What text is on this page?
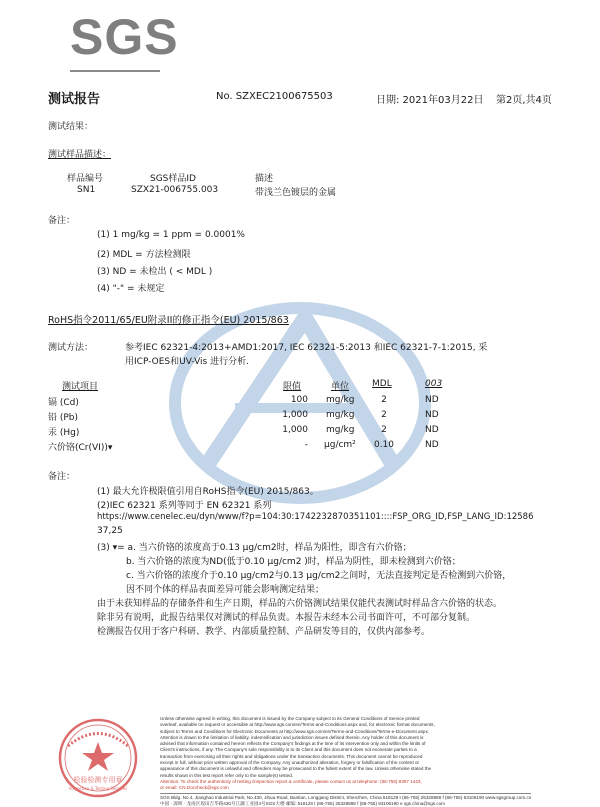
SGS
测试报告	No. SZXEC2100675503	日期: 2021年03月22日 第2页,共4页
测试结果：
测试样品描述：
样品编号	SGS样品ID	描述
SN1	SZX21-006755.003	带浅兰色镀层的金属
备注：
(1) 1 mg/kg = 1 ppm = 0.0001%
(2) MDL = 方法检测限
(3) ND = 未检出 ( < MDL )
(4) "-" = 未规定
RoHS指令2011/65/EU附录II的修正指令(EU) 2015/863
测试方法：	参考IEC 62321-4:2013+AMD1:2017, IEC 62321-5:2013 和IEC 62321-7-1:2015, 采
用ICP-OES和UV-Vis 进行分析.
测试项目	限值	单位	MDL	003
镉 (Cd)	100 mg/kg	2	ND
铅 (Pb)	1,000 mg/kg	2	ND
汞 (Hg)	1,000 mg/kg	2	ND
六价铬(Cr(VI))▾	- μg/cm²	0.10	ND
备注：
(1) 最大允许极限值引用自RoHS指令(EU) 2015/863。
(2)IEC 62321 系列等同于 EN 62321 系列
https://www.cenelec.eu/dyn/www/f?p=104:30:1742232870351101::::FSP_ORG_ID,FSP_LANG_ID:12586
37,25
(3) ▾= a. 当六价铬的浓度高于0.13 μg/cm2时，样品为阳性，即含有六价铬；
b. 当六价铬的浓度为ND(低于0.10 μg/cm2 )时，样品为阴性，即未检测到六价铬；
c. 当六价铬的浓度介于0.10 μg/cm2与0.13 μg/cm2之间时，无法直接判定是否检测到六价铬，
因不同个体的样品表面差异可能会影响测定结果；
由于未获知样品的存储条件和生产日期，样品的六价铬测试结果仅能代表测试时样品含六价铬的状态。
除非另有说明，此报告结果仅对测试的样品负责。本报告未经本公司书面许可，不可部分复制。
检测报告仅用于客户科研、教学、内部质量控制、产品研发等目的，仅供内部参考。
检验检测专用章
Inspection & Testing Services
Unless otherwise agreed in writing, this document is issued by the Company subject to its General Conditions of Service printed
overleaf, available on request or accessible at http://www.sgs.com/en/Terms-and-Conditions.aspx and, for electronic format documents,
subject to Terms and Conditions for Electronic Documents at http://www.sgs.com/en/Terms-and-Conditions/Terms-e-Document.aspx.
Attention is drawn to the limitation of liability, indemnification and jurisdiction issues defined therein. Any holder of this document is
advised that information contained hereon reflects the Company's findings at the time of its intervention only and within the limits of
Client's instructions, if any. The Company's sole responsibility is to its Client and this document does not exonerate parties to a
transaction from exercising all their rights and obligations under the transaction documents. This document cannot be reproduced
except in full, without prior written approval of the Company. Any unauthorized alteration, forgery or falsification of the content or
appearance of this document is unlawful and offenders may be prosecuted to the fullest extent of the law. Unless otherwise stated the
results shown in this test report refer only to the sample(s) tested.
Attention: To check the authenticity of testing /inspection report & certificate, please contact us at telephone: (86-755) 8307 1443,
or email: CN.Doccheck@sgs.com
SGS Bldg. No.4, Jianghao Industrial Park, No.430, Jihua Road, Bantian, Longgang District, Shenzhen, China 518129 t (86-755) 25328888 f (86-755) 83106190 www.sgsgroup.com.cn
中国 · 深圳 · 龙岗区坂田吉华路430号江灏工业园4号SGS大楼 邮编: 518129 t (86-755) 25328888 f (86-755) 83106190 e sgs.china@sgs.com
